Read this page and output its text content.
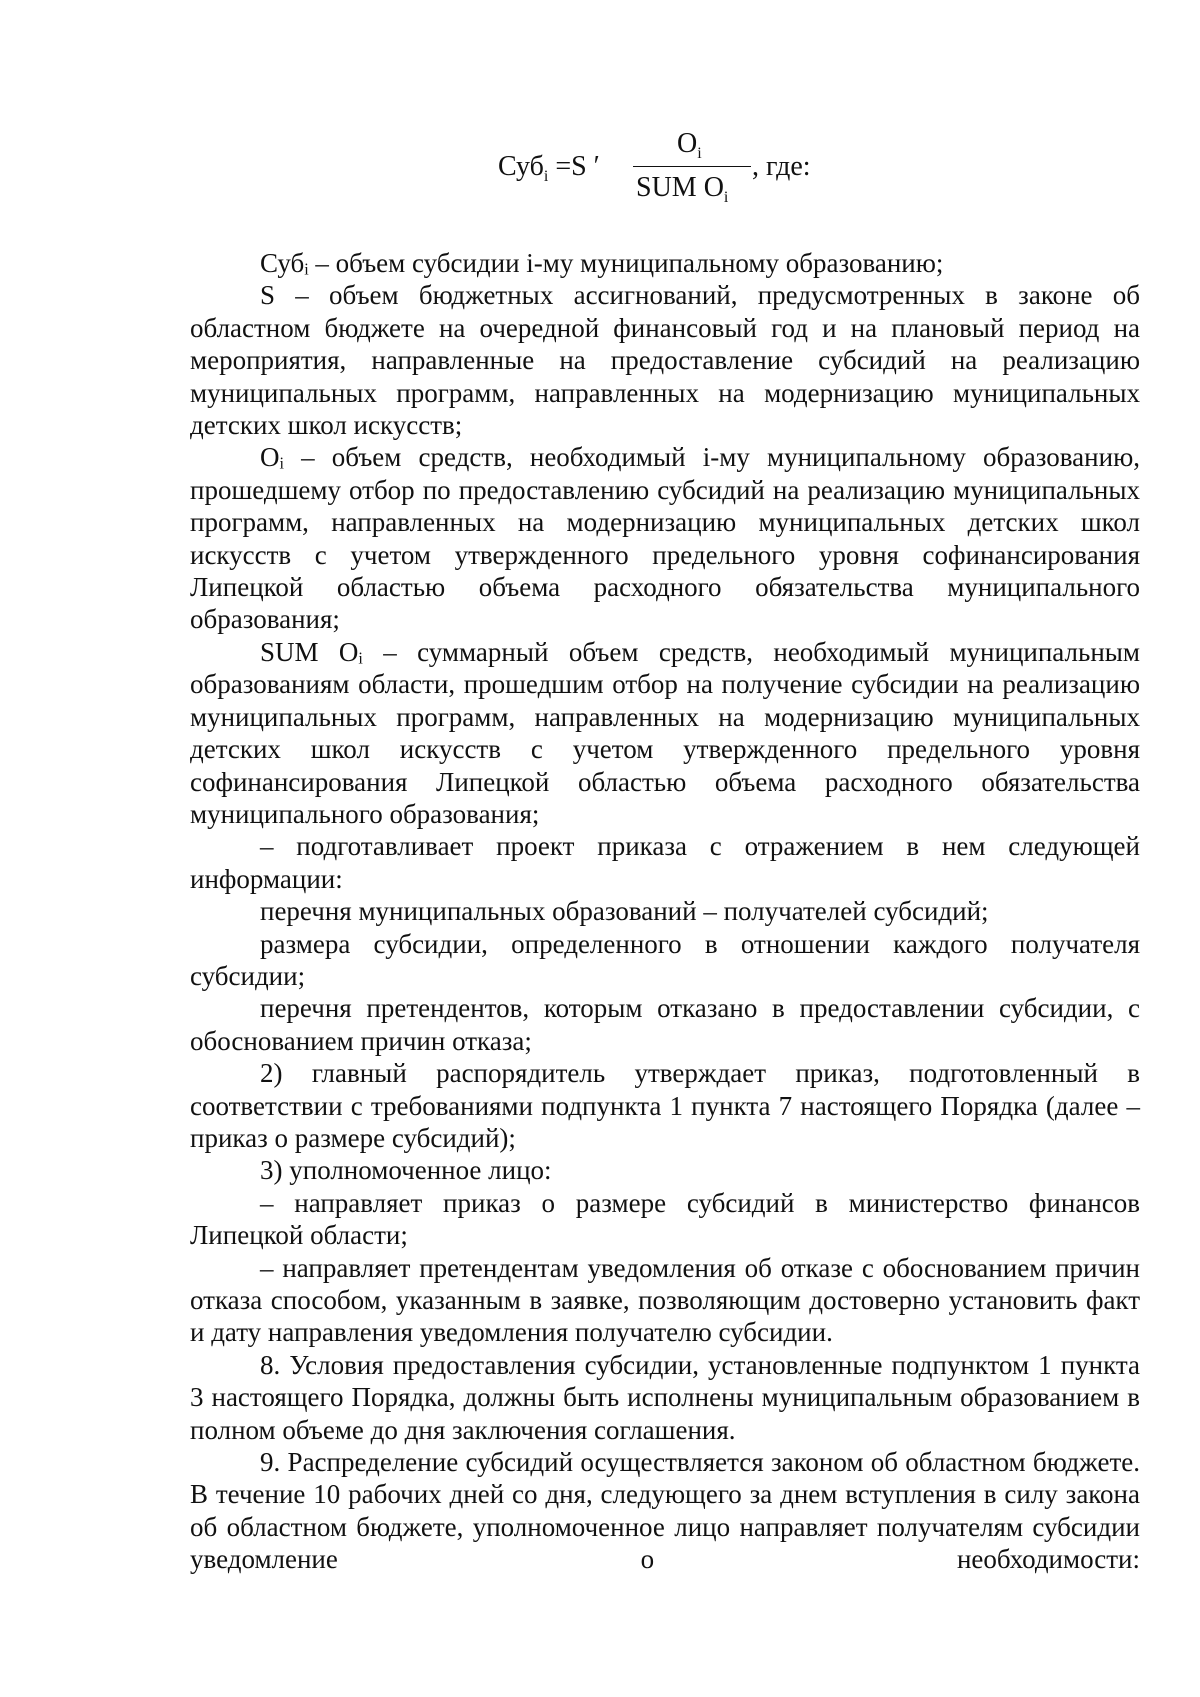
Суб$_i$ =S ′
$O_i$
SUM $O_i$
, где:

Субᵢ – объем субсидии i-му муниципальному образованию;

S – объем бюджетных ассигнований, предусмотренных в законе об областном бюджете на очередной финансовый год и на плановый период на мероприятия, направленные на предоставление субсидий на реализацию муниципальных программ, направленных на модернизацию муниципальных детских школ искусств;

Oᵢ – объем средств, необходимый i-му муниципальному образованию, прошедшему отбор по предоставлению субсидий на реализацию муниципальных программ, направленных на модернизацию муниципальных детских школ искусств с учетом утвержденного предельного уровня софинансирования Липецкой областью объема расходного обязательства муниципального образования;

SUM Oᵢ – суммарный объем средств, необходимый муниципальным образованиям области, прошедшим отбор на получение субсидии на реализацию муниципальных программ, направленных на модернизацию муниципальных детских школ искусств с учетом утвержденного предельного уровня софинансирования Липецкой областью объема расходного обязательства муниципального образования;

– подготавливает проект приказа с отражением в нем следующей информации:

перечня муниципальных образований – получателей субсидий;

размера субсидии, определенного в отношении каждого получателя субсидии;

перечня претендентов, которым отказано в предоставлении субсидии, с обоснованием причин отказа;

2) главный распорядитель утверждает приказ, подготовленный в соответствии с требованиями подпункта 1 пункта 7 настоящего Порядка (далее – приказ о размере субсидий);

3) уполномоченное лицо:

– направляет приказ о размере субсидий в министерство финансов Липецкой области;

– направляет претендентам уведомления об отказе с обоснованием причин отказа способом, указанным в заявке, позволяющим достоверно установить факт и дату направления уведомления получателю субсидии.

8. Условия предоставления субсидии, установленные подпунктом 1 пункта 3 настоящего Порядка, должны быть исполнены муниципальным образованием в полном объеме до дня заключения соглашения.

9. Распределение субсидий осуществляется законом об областном бюджете. В течение 10 рабочих дней со дня, следующего за днем вступления в силу закона об областном бюджете, уполномоченное лицо направляет получателям субсидии уведомление о необходимости:
